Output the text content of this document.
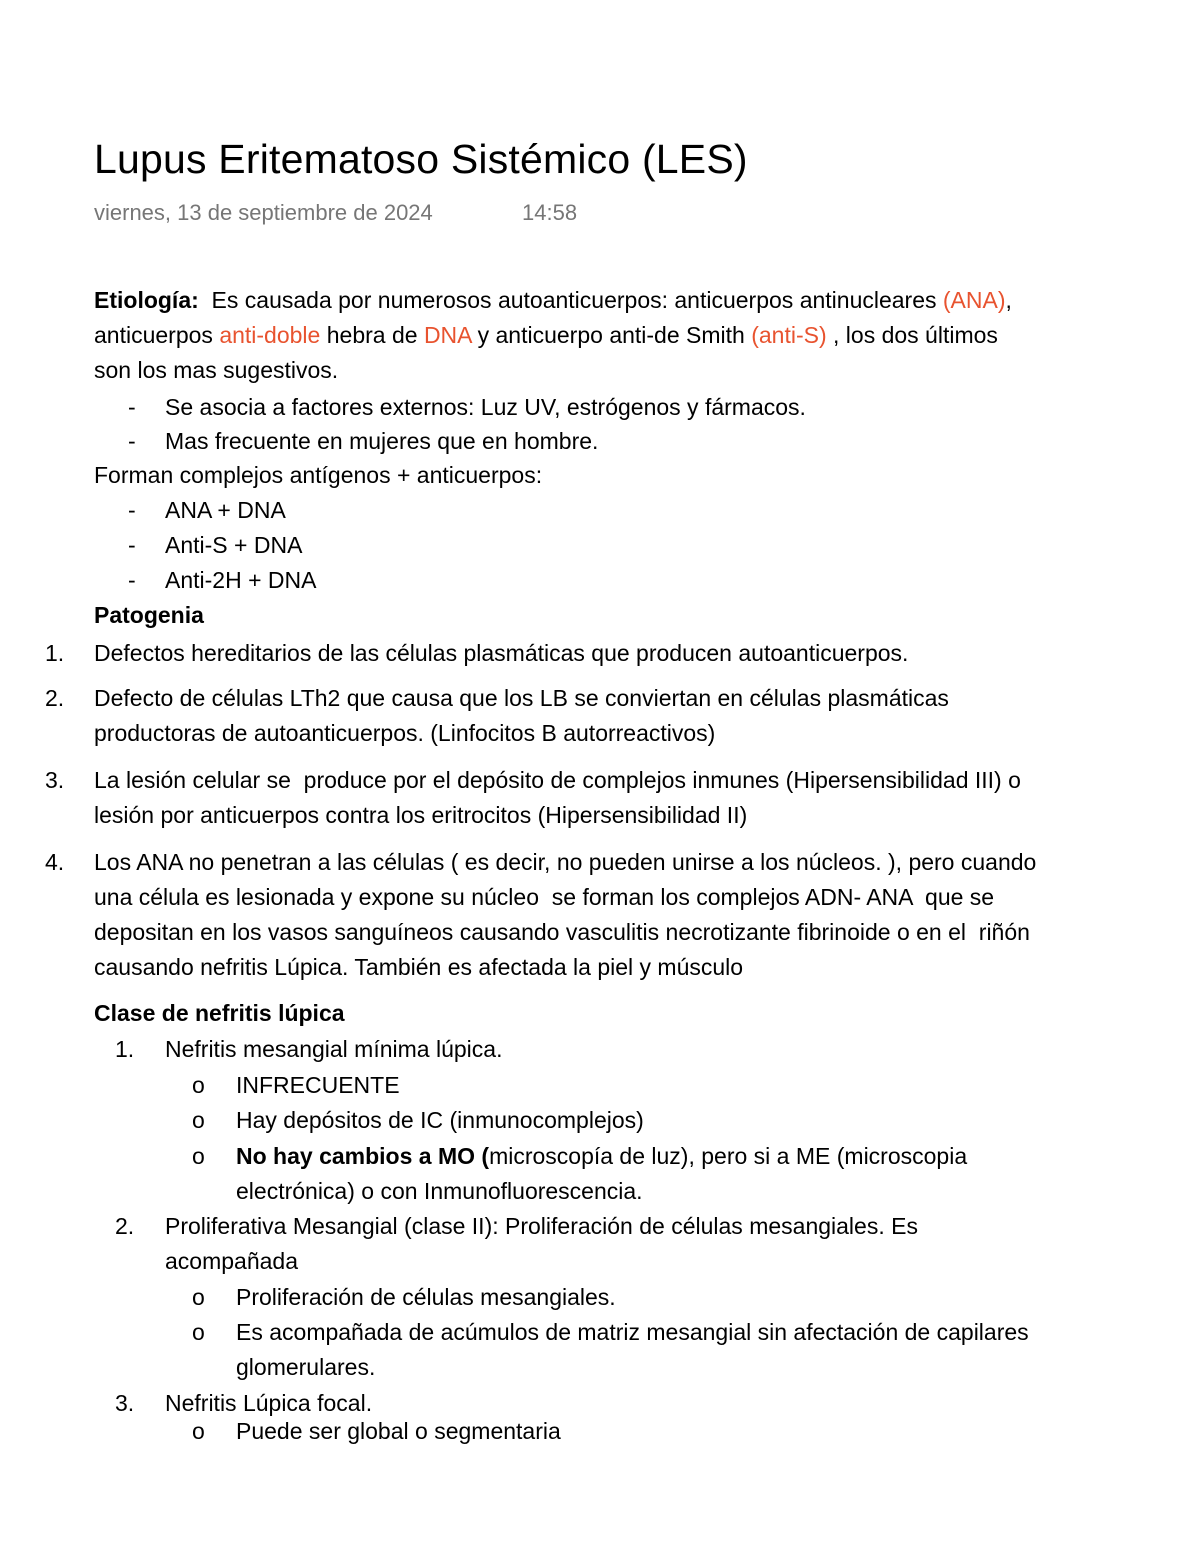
Lupus Eritematoso Sistémico (LES)
viernes, 13 de septiembre de 2024	14:58
Etiología:  Es causada por numerosos autoanticuerpos: anticuerpos antinucleares (ANA),
anticuerpos anti-doble hebra de DNA y anticuerpo anti-de Smith (anti-S) , los dos últimos
son los mas sugestivos.
- Se asocia a factores externos: Luz UV, estrógenos y fármacos.
- Mas frecuente en mujeres que en hombre.
Forman complejos antígenos + anticuerpos:
- ANA + DNA
- Anti-S + DNA
- Anti-2H + DNA
Patogenia
1. Defectos hereditarios de las células plasmáticas que producen autoanticuerpos.
2. Defecto de células LTh2 que causa que los LB se conviertan en células plasmáticas
productoras de autoanticuerpos. (Linfocitos B autorreactivos)
3. La lesión celular se  produce por el depósito de complejos inmunes (Hipersensibilidad III) o
lesión por anticuerpos contra los eritrocitos (Hipersensibilidad II)
4. Los ANA no penetran a las células ( es decir, no pueden unirse a los núcleos. ), pero cuando
una célula es lesionada y expone su núcleo  se forman los complejos ADN- ANA  que se
depositan en los vasos sanguíneos causando vasculitis necrotizante fibrinoide o en el  riñón
causando nefritis Lúpica. También es afectada la piel y músculo
Clase de nefritis lúpica
1. Nefritis mesangial mínima lúpica.
o INFRECUENTE
o Hay depósitos de IC (inmunocomplejos)
o No hay cambios a MO (microscopía de luz), pero si a ME (microscopia
electrónica) o con Inmunofluorescencia.
2. Proliferativa Mesangial (clase II): Proliferación de células mesangiales. Es
acompañada
o Proliferación de células mesangiales.
o Es acompañada de acúmulos de matriz mesangial sin afectación de capilares
glomerulares.
3. Nefritis Lúpica focal.
o Puede ser global o segmentaria
